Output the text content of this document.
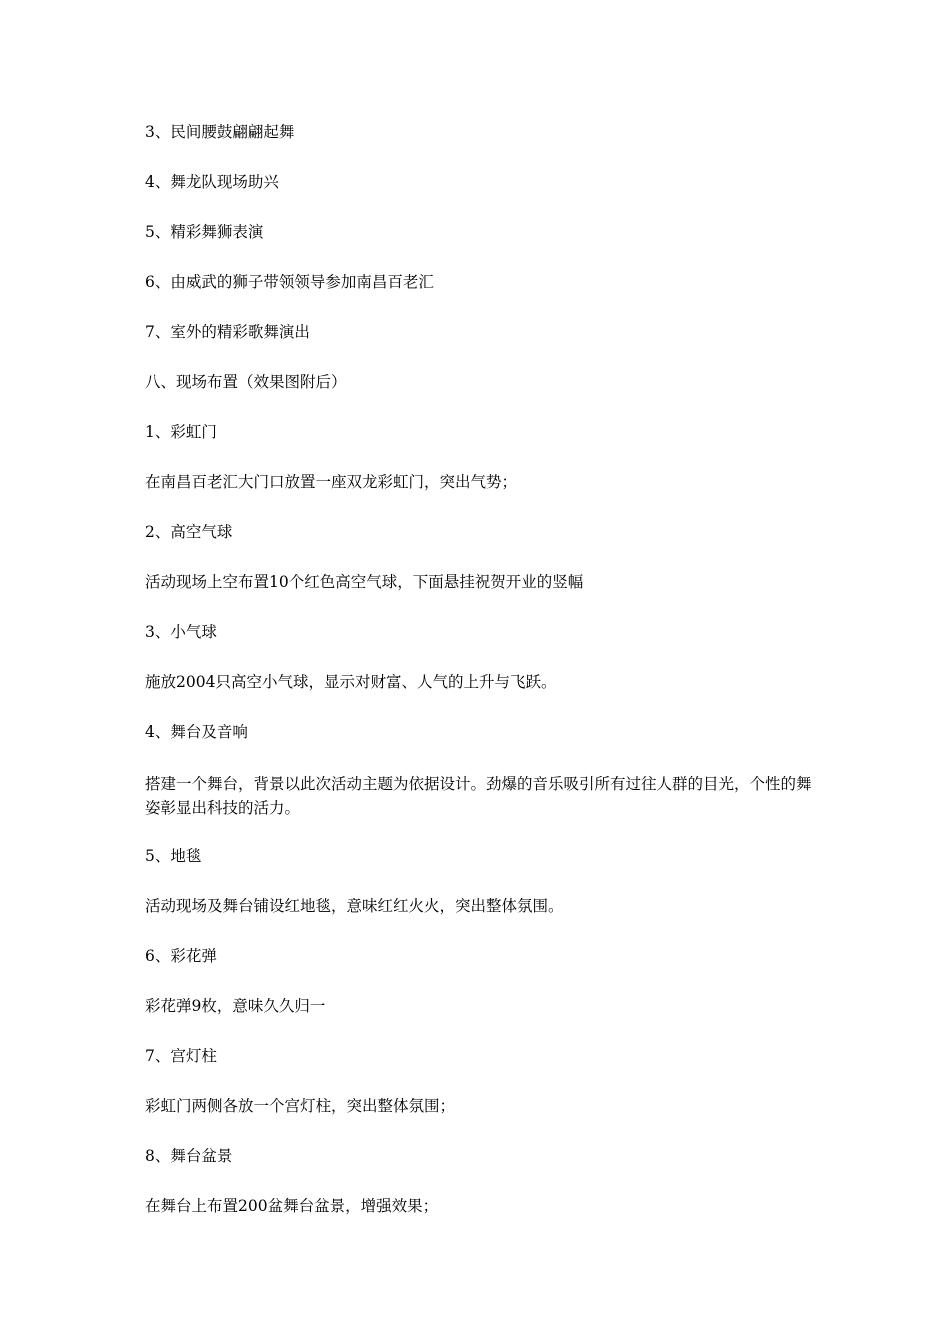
3、民间腰鼓翩翩起舞

4、舞龙队现场助兴

5、精彩舞狮表演

6、由威武的狮子带领领导参加南昌百老汇

7、室外的精彩歌舞演出

八、现场布置（效果图附后）

1、彩虹门

在南昌百老汇大门口放置一座双龙彩虹门，突出气势；

2、高空气球

活动现场上空布置10个红色高空气球，下面悬挂祝贺开业的竖幅

3、小气球

施放2004只高空小气球，显示对财富、人气的上升与飞跃。

4、舞台及音响

搭建一个舞台，背景以此次活动主题为依据设计。劲爆的音乐吸引所有过往人群的目光，个性的舞姿彰显出科技的活力。

5、地毯

活动现场及舞台铺设红地毯，意味红红火火，突出整体氛围。

6、彩花弹

彩花弹9枚，意味久久归一

7、宫灯柱

彩虹门两侧各放一个宫灯柱，突出整体氛围；

8、舞台盆景

在舞台上布置200盆舞台盆景，增强效果；
